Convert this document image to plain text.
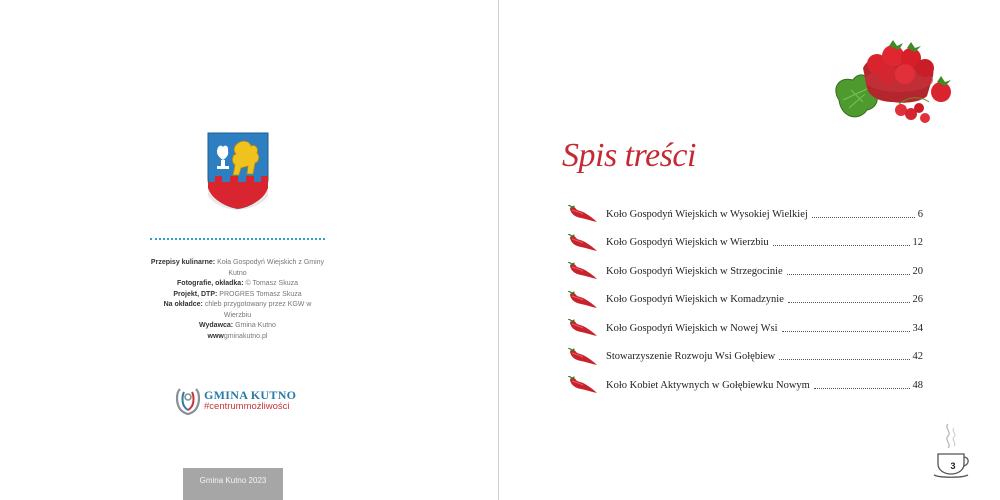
Przepisy kulinarne: Koła Gospodyń Wiejskich z Gminy Kutno
Fotografie, okładka: © Tomasz Skuza
Projekt, DTP: PROGRES Tomasz Skuza
Na okładce: chleb przygotowany przez KGW w Wierzbiu
Wydawca: Gmina Kutno
wwwgminakutno.pl
GMINA KUTNO
#centrummożliwości
Gmina Kutno 2023
Spis treści
Koło Gospodyń Wiejskich w Wysokiej Wielkiej	6
Koło Gospodyń Wiejskich w Wierzbiu	12
Koło Gospodyń Wiejskich w Strzegocinie	20
Koło Gospodyń Wiejskich w Komadzynie	26
Koło Gospodyń Wiejskich w Nowej Wsi	34
Stowarzyszenie Rozwoju Wsi Gołębiew	42
Koło Kobiet Aktywnych w Gołębiewku Nowym	48
3
